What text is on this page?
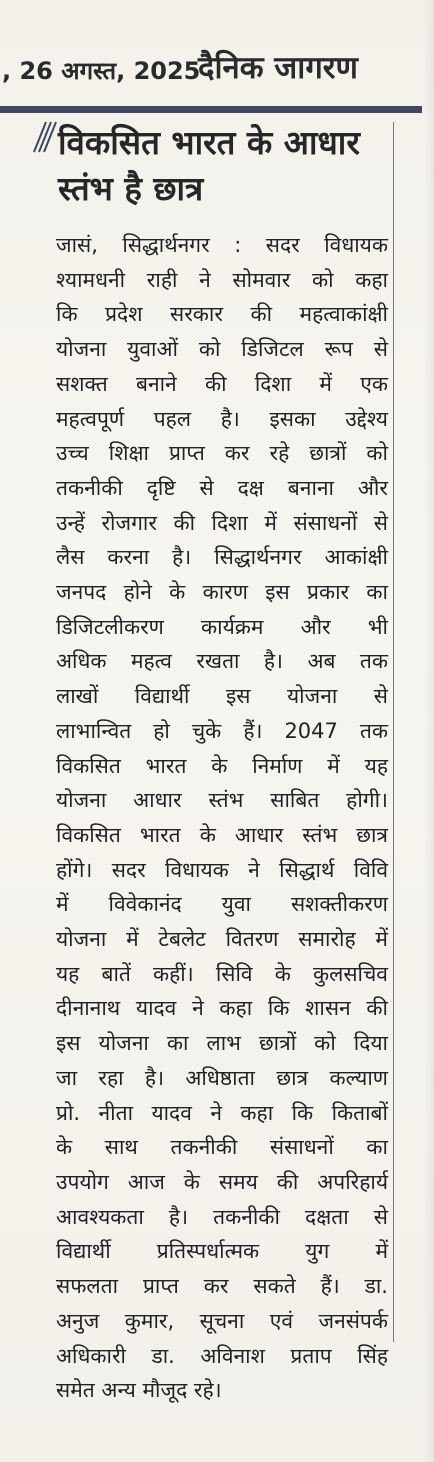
, 26 अगस्त, 2025
दैनिक जागरण
विकसित भारत के आधार
स्तंभ है छात्र
जासं, सिद्धार्थनगर : सदर विधायक
श्यामधनी राही ने सोमवार को कहा
कि प्रदेश सरकार की महत्वाकांक्षी
योजना युवाओं को डिजिटल रूप से
सशक्त बनाने की दिशा में एक
महत्वपूर्ण पहल है। इसका उद्देश्य
उच्च शिक्षा प्राप्त कर रहे छात्रों को
तकनीकी दृष्टि से दक्ष बनाना और
उन्हें रोजगार की दिशा में संसाधनों से
लैस करना है। सिद्धार्थनगर आकांक्षी
जनपद होने के कारण इस प्रकार का
डिजिटलीकरण कार्यक्रम और भी
अधिक महत्व रखता है। अब तक
लाखों विद्यार्थी इस योजना से
लाभान्वित हो चुके हैं। 2047 तक
विकसित भारत के निर्माण में यह
योजना आधार स्तंभ साबित होगी।
विकसित भारत के आधार स्तंभ छात्र
होंगे। सदर विधायक ने सिद्धार्थ विवि
में विवेकानंद युवा सशक्तीकरण
योजना में टेबलेट वितरण समारोह में
यह बातें कहीं। सिवि के कुलसचिव
दीनानाथ यादव ने कहा कि शासन की
इस योजना का लाभ छात्रों को दिया
जा रहा है। अधिष्ठाता छात्र कल्याण
प्रो. नीता यादव ने कहा कि किताबों
के साथ तकनीकी संसाधनों का
उपयोग आज के समय की अपरिहार्य
आवश्यकता है। तकनीकी दक्षता से
विद्यार्थी प्रतिस्पर्धात्मक युग में
सफलता प्राप्त कर सकते हैं। डा.
अनुज कुमार, सूचना एवं जनसंपर्क
अधिकारी डा. अविनाश प्रताप सिंह
समेत अन्य मौजूद रहे।
